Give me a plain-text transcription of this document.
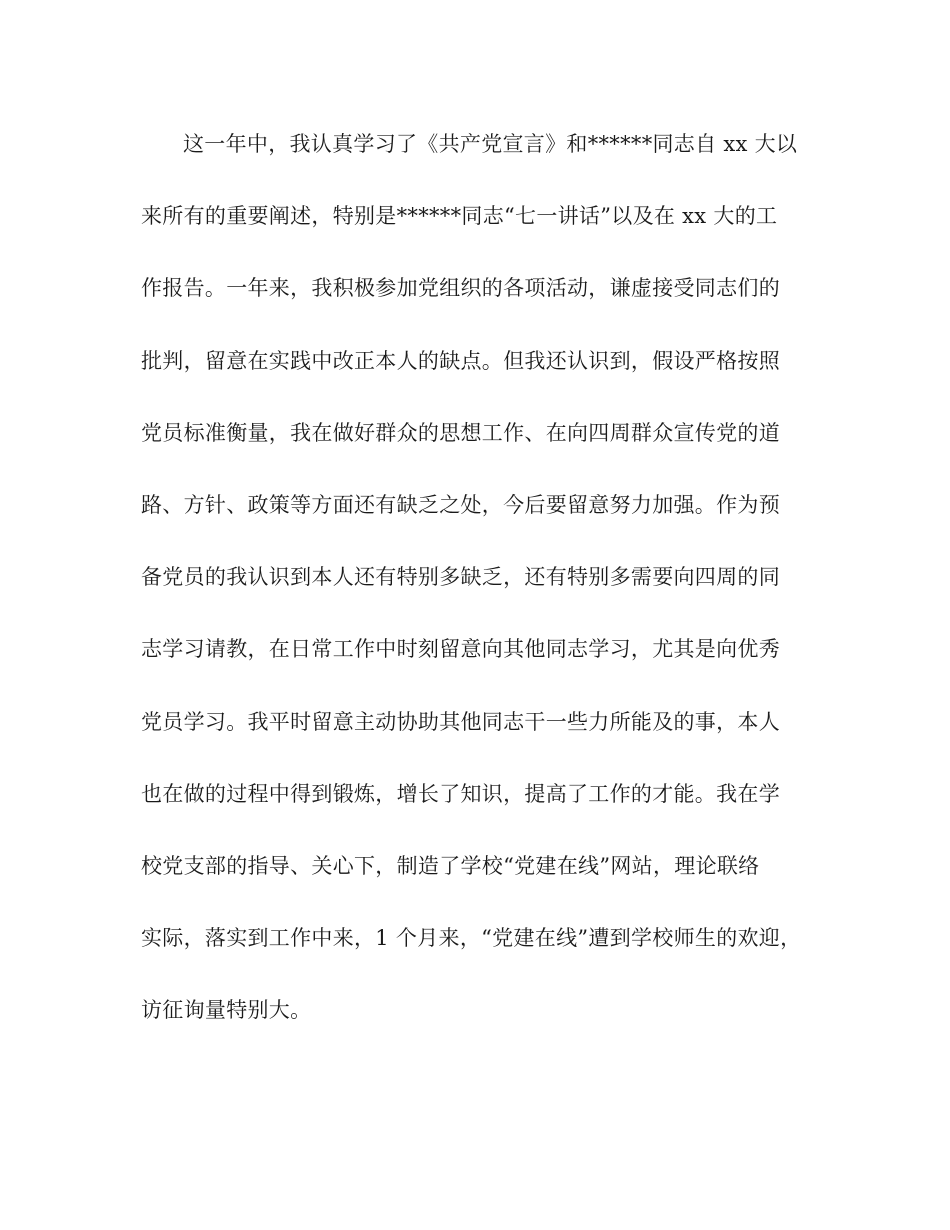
这一年中，我认真学习了《共产党宣言》和******同志自 xx 大以
来所有的重要阐述，特别是******同志“七一讲话”以及在 xx 大的工
作报告。一年来，我积极参加党组织的各项活动，谦虚接受同志们的
批判，留意在实践中改正本人的缺点。但我还认识到，假设严格按照
党员标准衡量，我在做好群众的思想工作、在向四周群众宣传党的道
路、方针、政策等方面还有缺乏之处，今后要留意努力加强。作为预
备党员的我认识到本人还有特别多缺乏，还有特别多需要向四周的同
志学习请教，在日常工作中时刻留意向其他同志学习，尤其是向优秀
党员学习。我平时留意主动协助其他同志干一些力所能及的事，本人
也在做的过程中得到锻炼，增长了知识，提高了工作的才能。我在学
校党支部的指导、关心下，制造了学校“党建在线”网站，理论联络
实际，落实到工作中来，1 个月来，“党建在线”遭到学校师生的欢迎，
访征询量特别大。
